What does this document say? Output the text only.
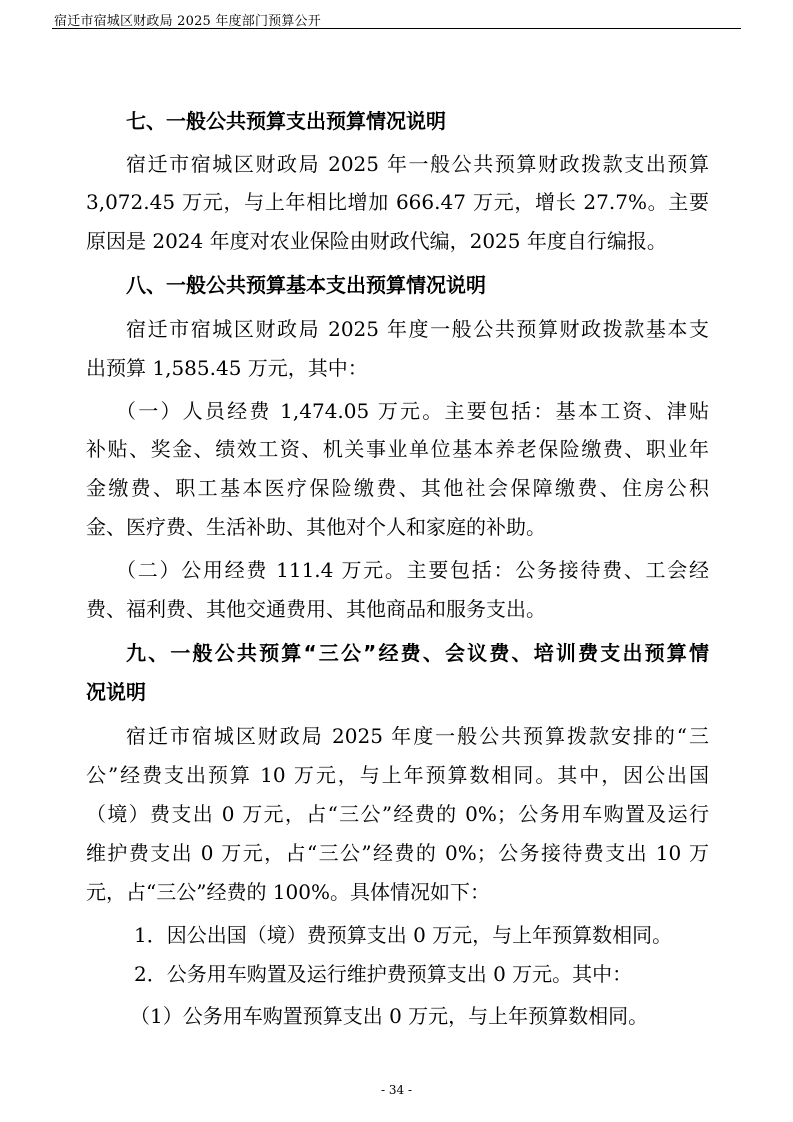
宿迁市宿城区财政局 2025 年度部门预算公开
七、一般公共预算支出预算情况说明
宿迁市宿城区财政局 2025 年一般公共预算财政拨款支出预算
3,072.45 万元，与上年相比增加 666.47 万元，增长 27.7%。主要
原因是 2024 年度对农业保险由财政代编，2025 年度自行编报。
八、一般公共预算基本支出预算情况说明
宿迁市宿城区财政局 2025 年度一般公共预算财政拨款基本支
出预算 1,585.45 万元，其中：
（一）人员经费 1,474.05 万元。主要包括：基本工资、津贴
补贴、奖金、绩效工资、机关事业单位基本养老保险缴费、职业年
金缴费、职工基本医疗保险缴费、其他社会保障缴费、住房公积
金、医疗费、生活补助、其他对个人和家庭的补助。
（二）公用经费 111.4 万元。主要包括：公务接待费、工会经
费、福利费、其他交通费用、其他商品和服务支出。
九、一般公共预算“三公”经费、会议费、培训费支出预算情
况说明
宿迁市宿城区财政局 2025 年度一般公共预算拨款安排的“三
公”经费支出预算 10 万元，与上年预算数相同。其中，因公出国
（境）费支出 0 万元，占“三公”经费的 0%；公务用车购置及运行
维护费支出 0 万元，占“三公”经费的 0%；公务接待费支出 10 万
元，占“三公”经费的 100%。具体情况如下：
1．因公出国（境）费预算支出 0 万元，与上年预算数相同。
2．公务用车购置及运行维护费预算支出 0 万元。其中：
（1）公务用车购置预算支出 0 万元，与上年预算数相同。
- 34 -
